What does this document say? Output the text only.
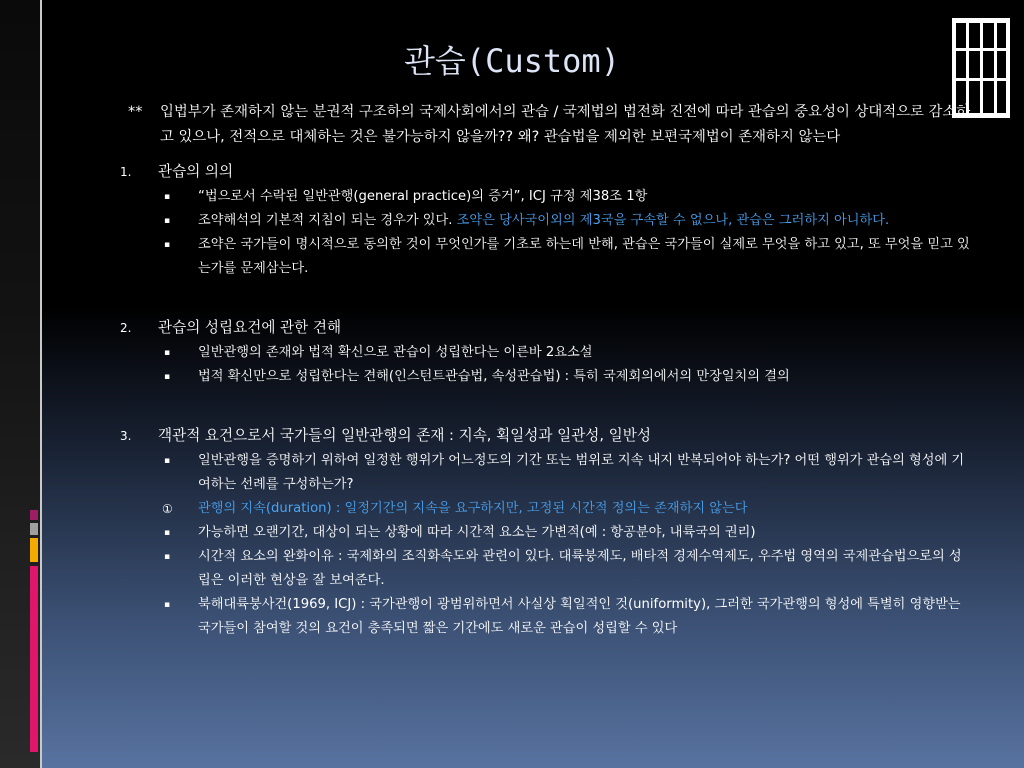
관습(Custom)
** 입법부가 존재하지 않는 분권적 구조하의 국제사회에서의 관습 / 국제법의 법전화 진전에 따라 관습의 중요성이 상대적으로 감소하고 있으나, 전적으로 대체하는 것은 불가능하지 않을까?? 왜? 관습법을 제외한 보편국제법이 존재하지 않는다
1. 관습의 의의
▪ “법으로서 수락된 일반관행(general practice)의 증거”, ICJ 규정 제38조 1항
▪ 조약해석의 기본적 지침이 되는 경우가 있다. 조약은 당사국이외의 제3국을 구속할 수 없으나, 관습은 그러하지 아니하다.
▪ 조약은 국가들이 명시적으로 동의한 것이 무엇인가를 기초로 하는데 반해, 관습은 국가들이 실제로 무엇을 하고 있고, 또 무엇을 믿고 있는가를 문제삼는다.
2. 관습의 성립요건에 관한 견해
▪ 일반관행의 존재와 법적 확신으로 관습이 성립한다는 이른바 2요소설
▪ 법적 확신만으로 성립한다는 견해(인스턴트관습법, 속성관습법) : 특히 국제회의에서의 만장일치의 결의
3. 객관적 요건으로서 국가들의 일반관행의 존재 : 지속, 획일성과 일관성, 일반성
▪ 일반관행을 증명하기 위하여 일정한 행위가 어느정도의 기간 또는 범위로 지속 내지 반복되어야 하는가? 어떤 행위가 관습의 형성에 기여하는 선례를 구성하는가?
① 관행의 지속(duration) : 일정기간의 지속을 요구하지만, 고정된 시간적 정의는 존재하지 않는다
▪ 가능하면 오랜기간, 대상이 되는 상황에 따라 시간적 요소는 가변적(예 : 항공분야, 내륙국의 권리)
▪ 시간적 요소의 완화이유 : 국제화의 조직화속도와 관련이 있다. 대륙붕제도, 배타적 경제수역제도, 우주법 영역의 국제관습법으로의 성립은 이러한 현상을 잘 보여준다.
▪ 북해대륙붕사건(1969, ICJ) : 국가관행이 광범위하면서 사실상 획일적인 것(uniformity), 그러한 국가관행의 형성에 특별히 영향받는 국가들이 참여할 것의 요건이 충족되면 짧은 기간에도 새로운 관습이 성립할 수 있다
